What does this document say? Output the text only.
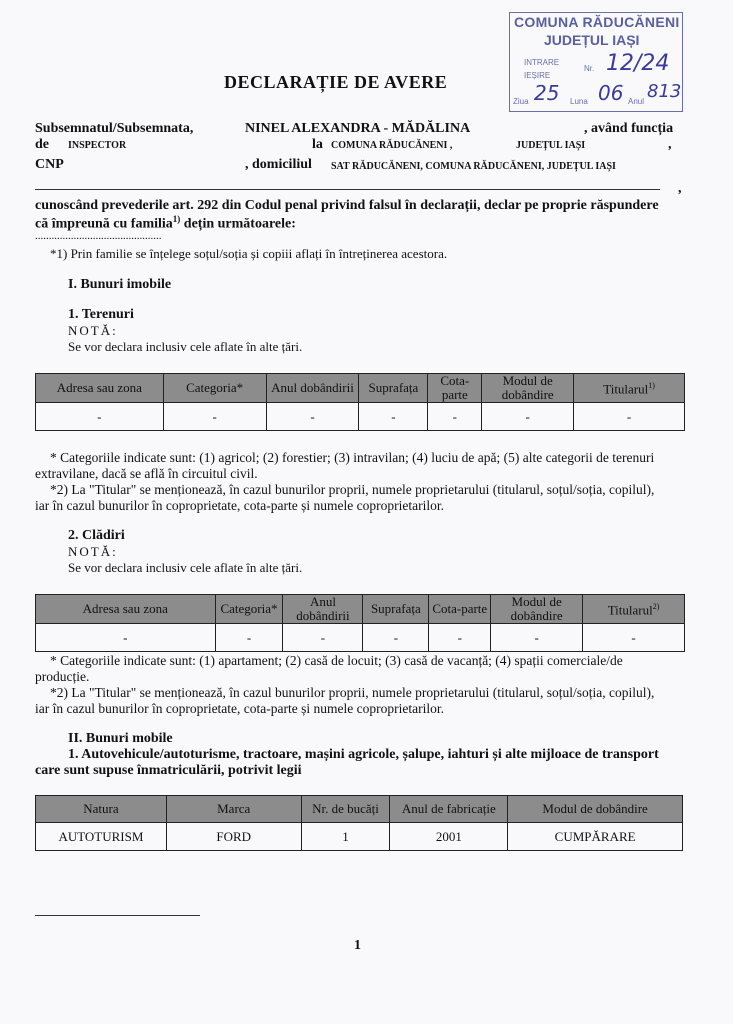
COMUNA RĂDUCĂNENI
JUDEȚUL IAȘI
INTRARE
IEȘIRE
Nr. 12/24
Ziua 25 Luna 06 Anul 813
DECLARAȚIE DE AVERE
Subsemnatul/Subsemnata,	NINEL ALEXANDRA - MĂDĂLINA	, având funcția
de INSPECTOR	la COMUNA RĂDUCĂNENI ,	JUDEȚUL IAȘI	,
CNP	, domiciliul SAT RĂDUCĂNENI, COMUNA RĂDUCĂNENI, JUDEȚUL IAȘI
,
cunoscând prevederile art. 292 din Codul penal privind falsul în declarații, declar pe proprie răspundere
că împreună cu familia$^{1)}$ dețin următoarele:
..............................................
*1) Prin familie se înțelege soțul/soția și copiii aflați în întreținerea acestora.
I. Bunuri imobile
1. Terenuri
NOTĂ:
Se vor declara inclusiv cele aflate în alte țări.
Adresa sau zona	Categoria*	Anul dobândirii	Suprafața	Cota-parte	Modul de dobândire	Titularul$^{1)}$
-	-	-	-	-	-	-
* Categoriile indicate sunt: (1) agricol; (2) forestier; (3) intravilan; (4) luciu de apă; (5) alte categorii de terenuri
extravilane, dacă se află în circuitul civil.
*2) La "Titular" se menționează, în cazul bunurilor proprii, numele proprietarului (titularul, soțul/soția, copilul),
iar în cazul bunurilor în coproprietate, cota-parte și numele coproprietarilor.
2. Clădiri
NOTĂ:
Se vor declara inclusiv cele aflate în alte țări.
Adresa sau zona	Categoria*	Anul dobândirii	Suprafața	Cota-parte	Modul de dobândire	Titularul$^{2)}$
-	-	-	-	-	-	-
* Categoriile indicate sunt: (1) apartament; (2) casă de locuit; (3) casă de vacanță; (4) spații comerciale/de
producție.
*2) La "Titular" se menționează, în cazul bunurilor proprii, numele proprietarului (titularul, soțul/soția, copilul),
iar în cazul bunurilor în coproprietate, cota-parte și numele coproprietarilor.
II. Bunuri mobile
1. Autovehicule/autoturisme, tractoare, mașini agricole, șalupe, iahturi și alte mijloace de transport
care sunt supuse înmatriculării, potrivit legii
Natura	Marca	Nr. de bucăți	Anul de fabricație	Modul de dobândire
AUTOTURISM	FORD	1	2001	CUMPĂRARE
1
